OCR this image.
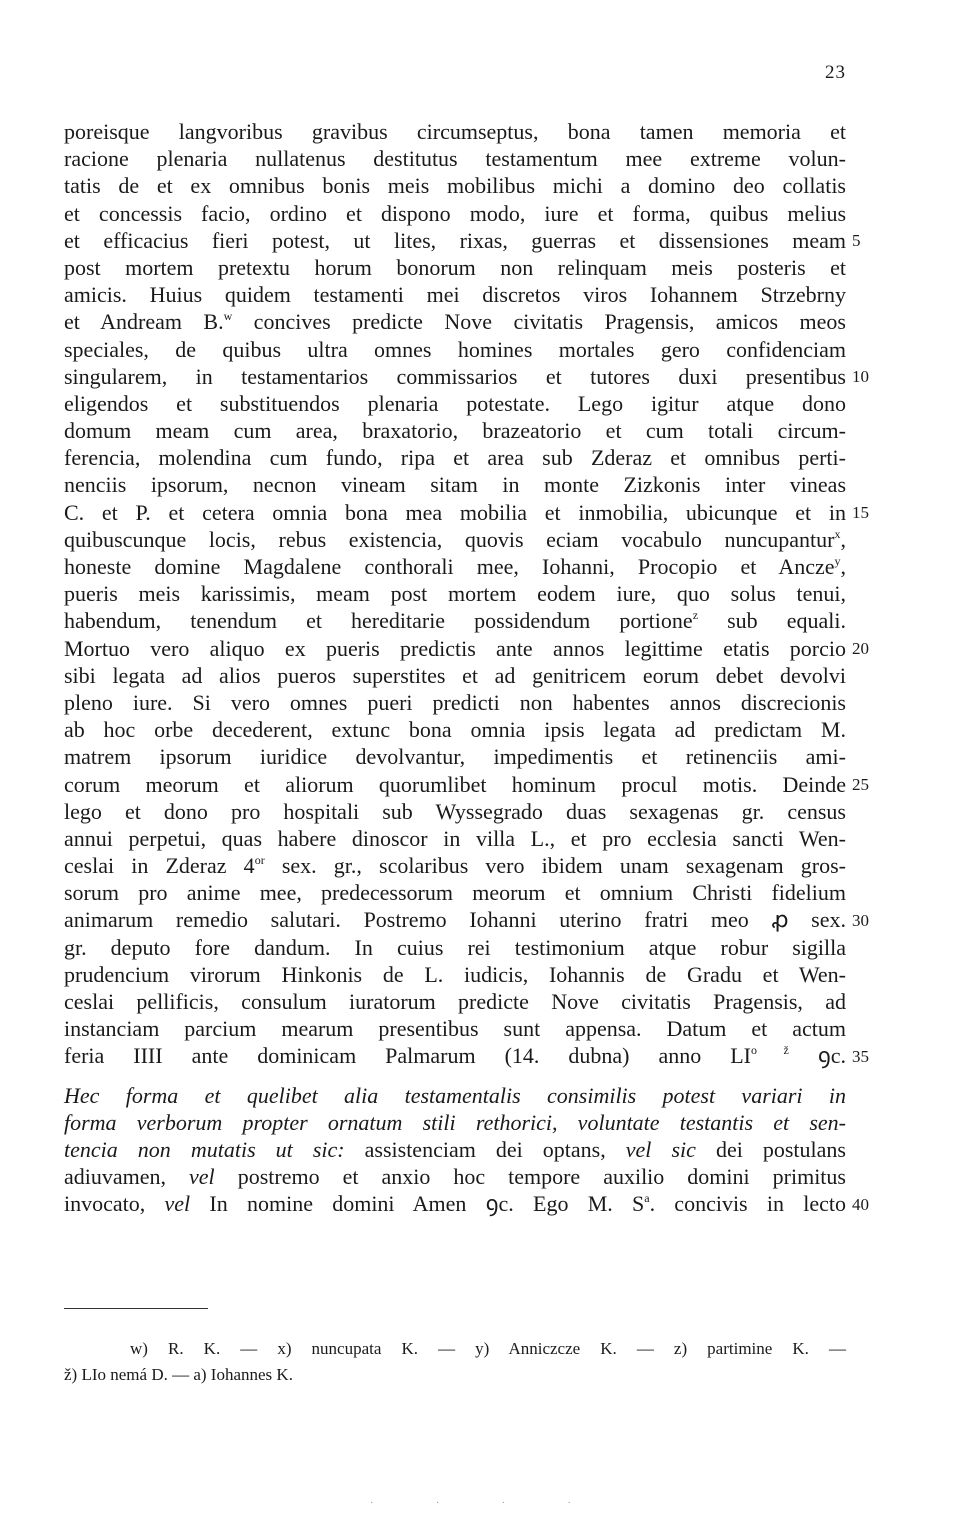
23
poreisque langvoribus gravibus circumseptus, bona tamen memoria et
racione plenaria nullatenus destitutus testamentum mee extreme volun-
tatis de et ex omnibus bonis meis mobilibus michi a domino deo collatis
et concessis facio, ordino et dispono modo, iure et forma, quibus melius
et efficacius fieri potest, ut lites, rixas, guerras et dissensiones meam
post mortem pretextu horum bonorum non relinquam meis posteris et
amicis. Huius quidem testamenti mei discretos viros Iohannem Strzebrny
et Andream B.$^w$ concives predicte Nove civitatis Pragensis, amicos meos
speciales, de quibus ultra omnes homines mortales gero confidenciam
singularem, in testamentarios commissarios et tutores duxi presentibus
eligendos et substituendos plenaria potestate. Lego igitur atque dono
domum meam cum area, braxatorio, brazeatorio et cum totali circum-
ferencia, molendina cum fundo, ripa et area sub Zderaz et omnibus perti-
nenciis ipsorum, necnon vineam sitam in monte Zizkonis inter vineas
C. et P. et cetera omnia bona mea mobilia et inmobilia, ubicunque et in
quibuscunque locis, rebus existencia, quovis eciam vocabulo nuncupantur$^x$,
honeste domine Magdalene conthorali mee, Iohanni, Procopio et Ancze$^y$,
pueris meis karissimis, meam post mortem eodem iure, quo solus tenui,
habendum, tenendum et hereditarie possidendum portione$^z$ sub equali.
Mortuo vero aliquo ex pueris predictis ante annos legittime etatis porcio
sibi legata ad alios pueros superstites et ad genitricem eorum debet devolvi
pleno iure. Si vero omnes pueri predicti non habentes annos discrecionis
ab hoc orbe decederent, extunc bona omnia ipsis legata ad predictam M.
matrem ipsorum iuridice devolvantur, impedimentis et retinenciis ami-
corum meorum et aliorum quorumlibet hominum procul motis. Deinde
lego et dono pro hospitali sub Wyssegrado duas sexagenas gr. census
annui perpetui, quas habere dinoscor in villa L., et pro ecclesia sancti Wen-
ceslai in Zderaz $4^{or}$ sex. gr., scolaribus vero ibidem unam sexagenam gros-
sorum pro anime mee, predecessorum meorum et omnium Christi fidelium
animarum remedio salutari. Postremo Iohanni uterino fratri meo ꝓ sex.
gr. deputo fore dandum. In cuius rei testimonium atque robur sigilla
prudencium virorum Hinkonis de L. iudicis, Iohannis de Gradu et Wen-
ceslai pellificis, consulum iuratorum predicte Nove civitatis Pragensis, ad
instanciam parcium mearum presentibus sunt appensa. Datum et actum
feria IIII ante dominicam Palmarum (14. dubna) anno $LI^{o ž}$ ꝯc.
Hec forma et quelibet alia testamentalis consimilis potest variari in
forma verborum propter ornatum stili rethorici, voluntate testantis et sen-
tencia non mutatis ut sic: assistenciam dei optans, vel sic dei postulans
adiuvamen, vel postremo et anxio hoc tempore auxilio domini primitus
invocato, vel In nomine domini Amen ꝯc. Ego M. $S^a$. concivis in lecto
5
10
15
20
25
30
35
40
w) R. K. — x) nuncupata K. — y) Anniczcze K. — z) partimine K. —
ž) LIo nemá D. — a) Iohannes K.
· · · ·
